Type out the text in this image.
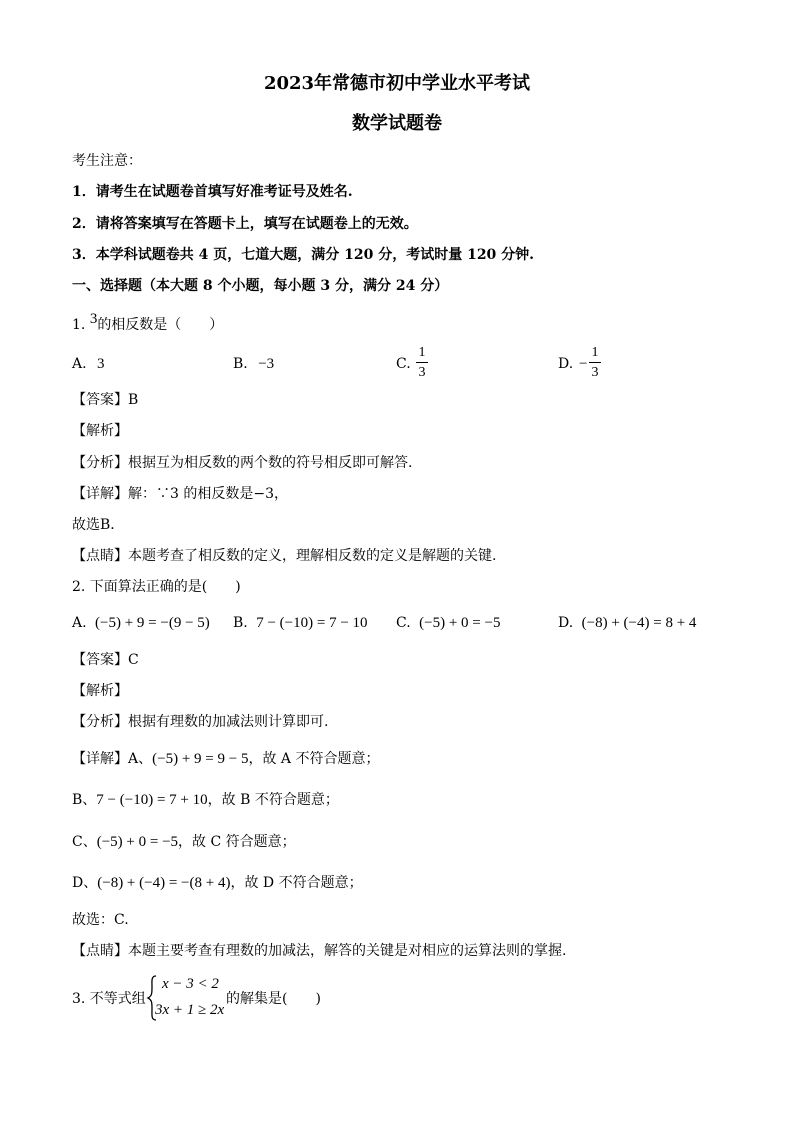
2023年常德市初中学业水平考试
数学试题卷
考生注意：
1．请考生在试题卷首填写好准考证号及姓名.
2．请将答案填写在答题卡上，填写在试题卷上的无效。
3．本学科试题卷共 4 页，七道大题，满分 120 分，考试时量 120 分钟.
一、选择题（本大题 8 个小题，每小题 3 分，满分 24 分）
1. 3的相反数是（　　）
A. 3	B. −3	C.
1
3
D. −
1
3
【答案】B
【解析】
【分析】根据互为相反数的两个数的符号相反即可解答.
【详解】解：∵3 的相反数是−3，
故选B．
【点睛】本题考查了相反数的定义，理解相反数的定义是解题的关键.
2. 下面算法正确的是(　　)
A. (−5) + 9 = −(9 − 5) B. 7 − (−10) = 7 − 10 C. (−5) + 0 = −5	D. (−8) + (−4) = 8 + 4
【答案】C
【解析】
【分析】根据有理数的加减法则计算即可.
【详解】A、(−5) + 9 = 9 − 5，故 A 不符合题意；
B、7 − (−10) = 7 + 10，故 B 不符合题意；
C、(−5) + 0 = −5，故 C 符合题意；
D、(−8) + (−4) = −(8 + 4)，故 D 不符合题意；
故选：C.
【点睛】本题主要考查有理数的加减法，解答的关键是对相应的运算法则的掌握.
3. 不等式组
x − 3 < 2
3x + 1 ≥ 2x
的解集是(　　)
